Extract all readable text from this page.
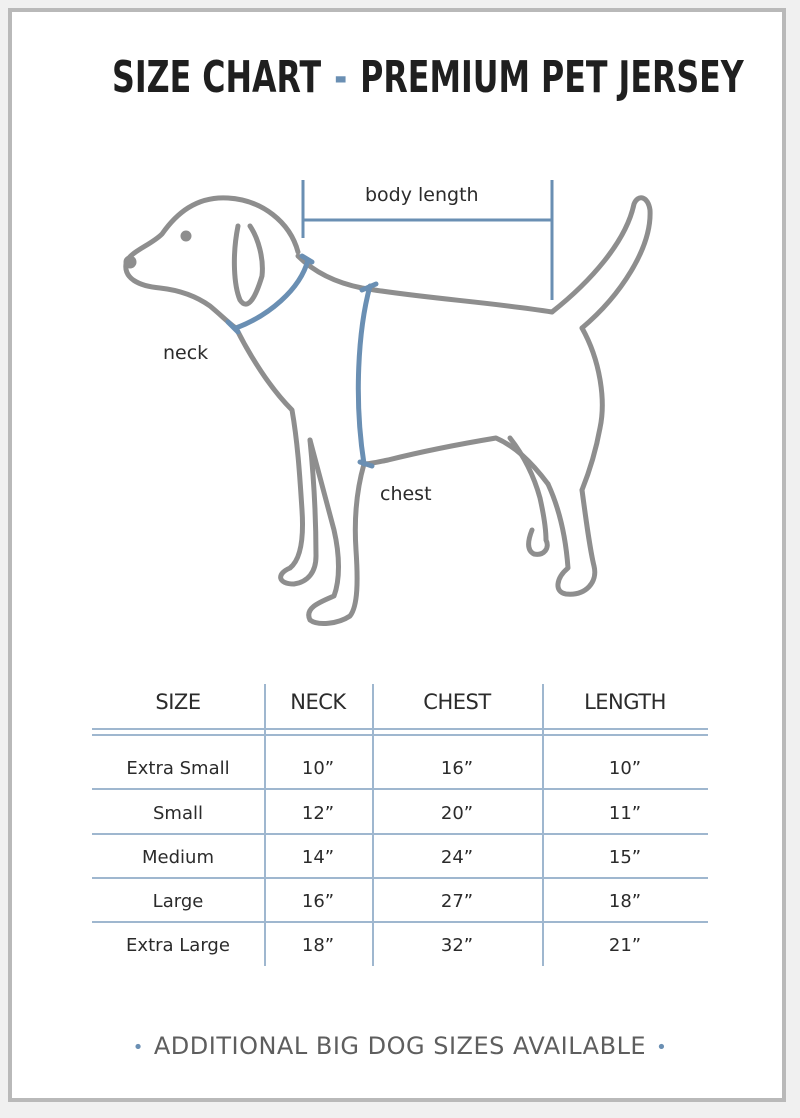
SIZE CHART - PREMIUM PET JERSEY
body length
neck
chest
SIZE	NECK	CHEST	LENGTH
Extra Small	10”	16”	10”
Small	12”	20”	11”
Medium	14”	24”	15”
Large	16”	27”	18”
Extra Large	18”	32”	21”
• ADDITIONAL BIG DOG SIZES AVAILABLE •
